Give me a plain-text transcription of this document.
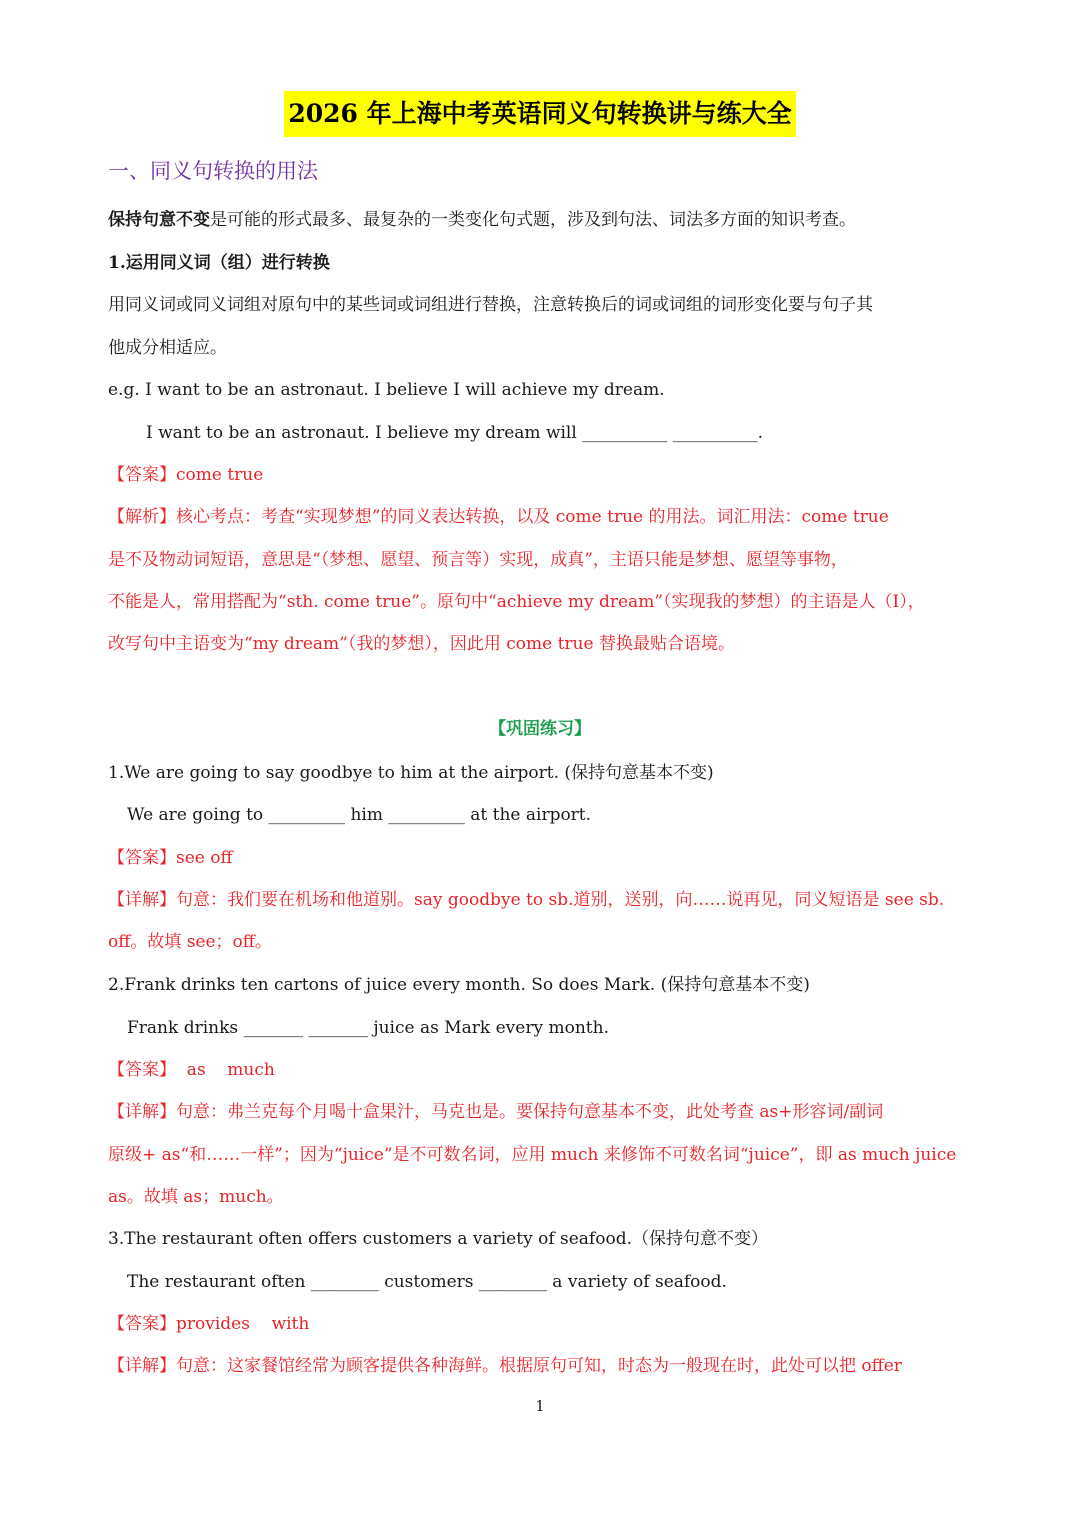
2026 年上海中考英语同义句转换讲与练大全
一、同义句转换的用法
保持句意不变是可能的形式最多、最复杂的一类变化句式题，涉及到句法、词法多方面的知识考查。
1.运用同义词（组）进行转换
用同义词或同义词组对原句中的某些词或词组进行替换，注意转换后的词或词组的词形变化要与句子其
他成分相适应。
e.g. I want to be an astronaut. I believe I will achieve my dream.
I want to be an astronaut. I believe my dream will __________ __________.
【答案】come true
【解析】核心考点：考查“实现梦想”的同义表达转换，以及 come true 的用法。词汇用法：come true
是不及物动词短语，意思是“（梦想、愿望、预言等）实现，成真”，主语只能是梦想、愿望等事物，
不能是人，常用搭配为“sth. come true”。原句中“achieve my dream”（实现我的梦想）的主语是人（I），
改写句中主语变为“my dream”（我的梦想），因此用 come true 替换最贴合语境。
【巩固练习】
1.We are going to say goodbye to him at the airport. (保持句意基本不变)
We are going to _________ him _________ at the airport.
【答案】see off
【详解】句意：我们要在机场和他道别。say goodbye to sb.道别，送别，向……说再见，同义短语是 see sb.
off。故填 see；off。
2.Frank drinks ten cartons of juice every month. So does Mark. (保持句意基本不变)
Frank drinks _______ _______ juice as Mark every month.
【答案】  as    much
【详解】句意：弗兰克每个月喝十盒果汁，马克也是。要保持句意基本不变，此处考查 as+形容词/副词
原级+ as“和……一样”；因为“juice”是不可数名词，应用 much 来修饰不可数名词“juice”，即 as much juice
as。故填 as；much。
3.The restaurant often offers customers a variety of seafood.（保持句意不变）
The restaurant often ________ customers ________ a variety of seafood.
【答案】provides    with
【详解】句意：这家餐馆经常为顾客提供各种海鲜。根据原句可知，时态为一般现在时，此处可以把 offer
1
